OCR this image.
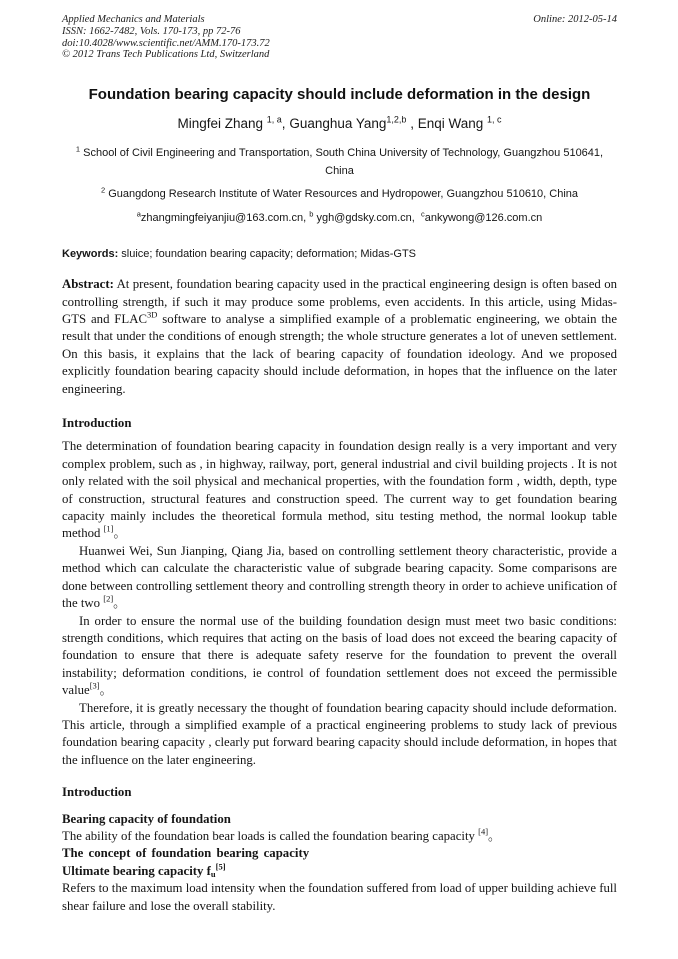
Applied Mechanics and Materials
ISSN: 1662-7482, Vols. 170-173, pp 72-76
doi:10.4028/www.scientific.net/AMM.170-173.72
© 2012 Trans Tech Publications Ltd, Switzerland
Online: 2012-05-14
Foundation bearing capacity should include deformation in the design
Mingfei Zhang $^{1, a}$, Guanghua Yang$^{1,2,b}$ , Enqi Wang $^{1, c}$
$^1$ School of Civil Engineering and Transportation, South China University of Technology, Guangzhou 510641, China
$^2$ Guangdong Research Institute of Water Resources and Hydropower, Guangzhou 510610, China
$^a$zhangmingfeiyanjiu@163.com.cn, $^b$ ygh@gdsky.com.cn,  $^c$ankywong@126.com.cn
Keywords: sluice; foundation bearing capacity; deformation; Midas-GTS
Abstract: At present, foundation bearing capacity used in the practical engineering design is often based on controlling strength, if such it may produce some problems, even accidents. In this article, using Midas-GTS and $FLAC^{3D}$ software to analyse a simplified example of a problematic engineering, we obtain the result that under the conditions of enough strength; the whole structure generates a lot of uneven settlement. On this basis, it explains that the lack of bearing capacity of foundation ideology. And we proposed explicitly foundation bearing capacity should include deformation, in hopes that the influence on the later engineering.
Introduction

The determination of foundation bearing capacity in foundation design really is a very important and very complex problem, such as , in highway, railway, port, general industrial and civil building projects . It is not only related with the soil physical and mechanical properties, with the foundation form , width, depth, type of construction, structural features and construction speed. The current way to get foundation bearing capacity mainly includes the theoretical formula method, situ testing method, the normal lookup table method [1]。

Huanwei Wei, Sun Jianping, Qiang Jia, based on controlling settlement theory characteristic, provide a method which can calculate the characteristic value of subgrade bearing capacity. Some comparisons are done between controlling settlement theory and controlling strength theory in order to achieve unification of the two [2]。

In order to ensure the normal use of the building foundation design must meet two basic conditions: strength conditions, which requires that acting on the basis of load does not exceed the bearing capacity of foundation to ensure that there is adequate safety reserve for the foundation to prevent the overall instability; deformation conditions, ie control of foundation settlement does not exceed the permissible value[3]。

Therefore, it is greatly necessary the thought of foundation bearing capacity should include deformation. This article, through a simplified example of a practical engineering problems to study lack of previous foundation bearing capacity , clearly put forward bearing capacity should include deformation, in hopes that the influence on the later engineering.

Introduction
Bearing capacity of foundation

The ability of the foundation bear loads is called the foundation bearing capacity [4]。

The concept of foundation bearing capacity
Ultimate bearing capacity $f_u[5]$

Refers to the maximum load intensity when the foundation suffered from load of upper building achieve full shear failure and lose the overall stability.
